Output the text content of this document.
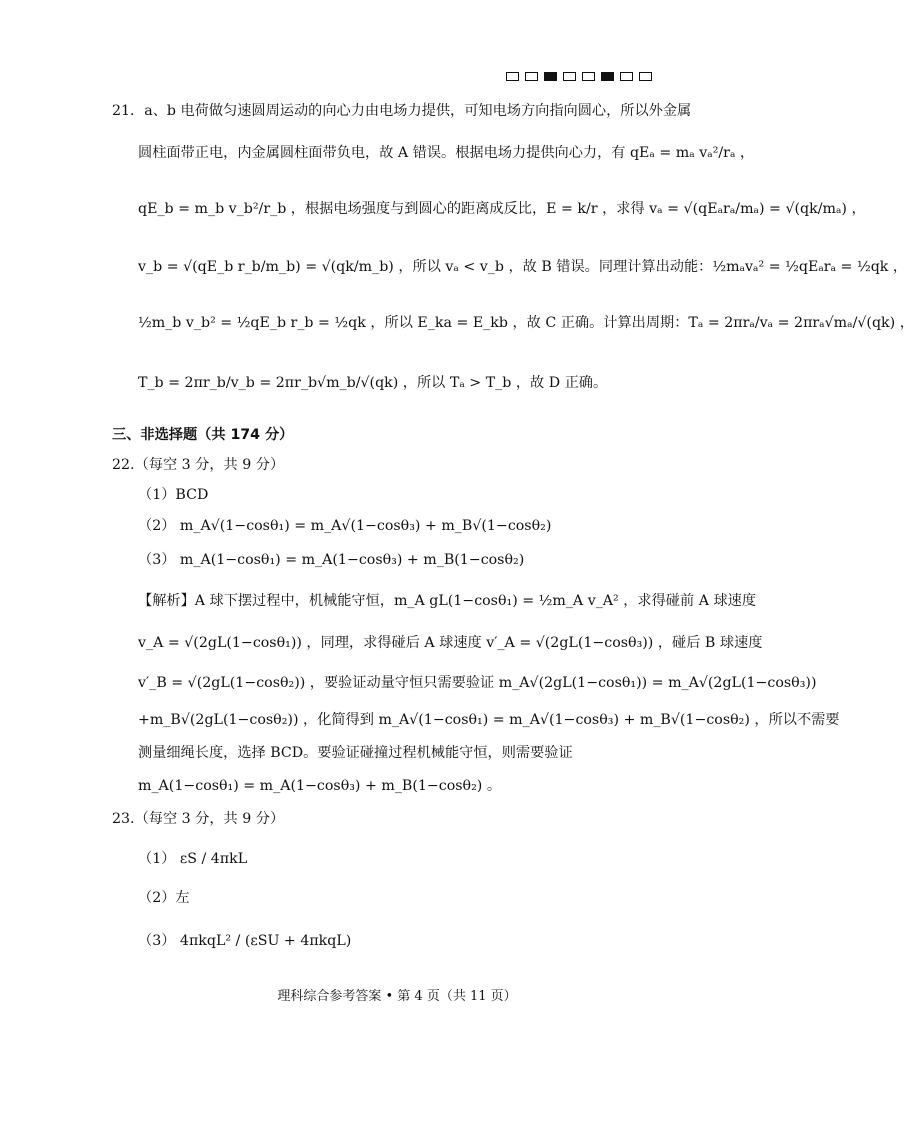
21．a、b 电荷做匀速圆周运动的向心力由电场力提供，可知电场方向指向圆心，所以外金属
圆柱面带正电，内金属圆柱面带负电，故 A 错误。根据电场力提供向心力，有 qEₐ = mₐ vₐ²/rₐ ，
qE_b = m_b v_b²/r_b ，根据电场强度与到圆心的距离成反比，E = k/r ，求得 vₐ = √(qEₐrₐ/mₐ) = √(qk/mₐ) ，
v_b = √(qE_b r_b/m_b) = √(qk/m_b) ，所以 vₐ < v_b ，故 B 错误。同理计算出动能：½mₐvₐ² = ½qEₐrₐ = ½qk ，
½m_b v_b² = ½qE_b r_b = ½qk ，所以 E_ka = E_kb ，故 C 正确。计算出周期：Tₐ = 2πrₐ/vₐ = 2πrₐ√mₐ/√(qk) ，
T_b = 2πr_b/v_b = 2πr_b√m_b/√(qk) ，所以 Tₐ > T_b ，故 D 正确。
三、非选择题（共 174 分）
22.（每空 3 分，共 9 分）
（1）BCD
（2） m_A√(1−cosθ₁) = m_A√(1−cosθ₃) + m_B√(1−cosθ₂)
（3） m_A(1−cosθ₁) = m_A(1−cosθ₃) + m_B(1−cosθ₂)
【解析】A 球下摆过程中，机械能守恒，m_A gL(1−cosθ₁) = ½m_A v_A² ，求得碰前 A 球速度
v_A = √(2gL(1−cosθ₁)) ，同理，求得碰后 A 球速度 v′_A = √(2gL(1−cosθ₃)) ，碰后 B 球速度
v′_B = √(2gL(1−cosθ₂)) ，要验证动量守恒只需要验证 m_A√(2gL(1−cosθ₁)) = m_A√(2gL(1−cosθ₃))
+m_B√(2gL(1−cosθ₂)) ，化简得到 m_A√(1−cosθ₁) = m_A√(1−cosθ₃) + m_B√(1−cosθ₂) ，所以不需要
测量细绳长度，选择 BCD。要验证碰撞过程机械能守恒，则需要验证
m_A(1−cosθ₁) = m_A(1−cosθ₃) + m_B(1−cosθ₂) 。
23.（每空 3 分，共 9 分）
（1） εS / 4πkL
（2）左
（3） 4πkqL² / (εSU + 4πkqL)
理科综合参考答案 • 第 4 页（共 11 页）
